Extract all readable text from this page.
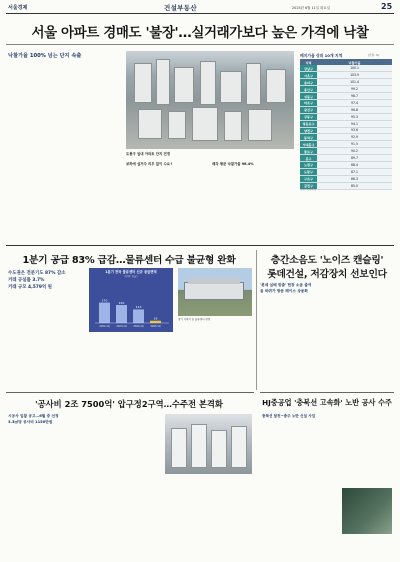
서울경제	건설부동산	2025년 6월 11일 화요일	25
서울 아파트 경매도 '불장'…실거래가보다 높은 가격에 낙찰
낙찰가율 100% 넘는 단지 속출
도봉구 일대 아파트 단지 전경
보하에 실거주 의무 없이 수요↑	매각 평균 낙찰가율 98.4%
메지가율 상위 10개 지역	(단위: %)
지역	낙찰가율
강남구	100.1
서초구	103.9
송파구	101.4
용산구	99.2
성동구	98.7
마포구	97.4
광진구	96.8
강동구	95.3
영등포구	94.1
양천구	93.6
동작구	92.9
서대문구	91.5
종로구	90.2
중구	89.7
노원구	88.4
도봉구	87.1
구로구	86.3
금천구	85.0
자료: 지지옥션
1분기 공급 83% 급감…물류센터 수급 불균형 완화
수도권은 전분기도 87% 감소
거래 공실률 3.7%
거래 규모 4,579억 원
170
2022.1Q
150
2023.1Q
113
2024.1Q
19
2025.1Q
1분기 전국 물류센터 신규 공급면적
(단위: 만㎡)
경기 지역의 한 물류센터 전경
층간소음도 '노이즈 캔슬링'
롯데건설, 저감장치 선보인다
'롯데 실배 맞춤' 현장 소음 줄여
음 바퀴가 방문 페이스 상용화
'공사비 2조 7500억' 압구정2구역…수주전 본격화
시공사 입찰 공고…6월 중 선정
3.3㎡당 공사비 1150만원
HJ중공업 '충북선 고속화' 노반 공사 수주
충북선 달천~충주 노반 신설 사업
